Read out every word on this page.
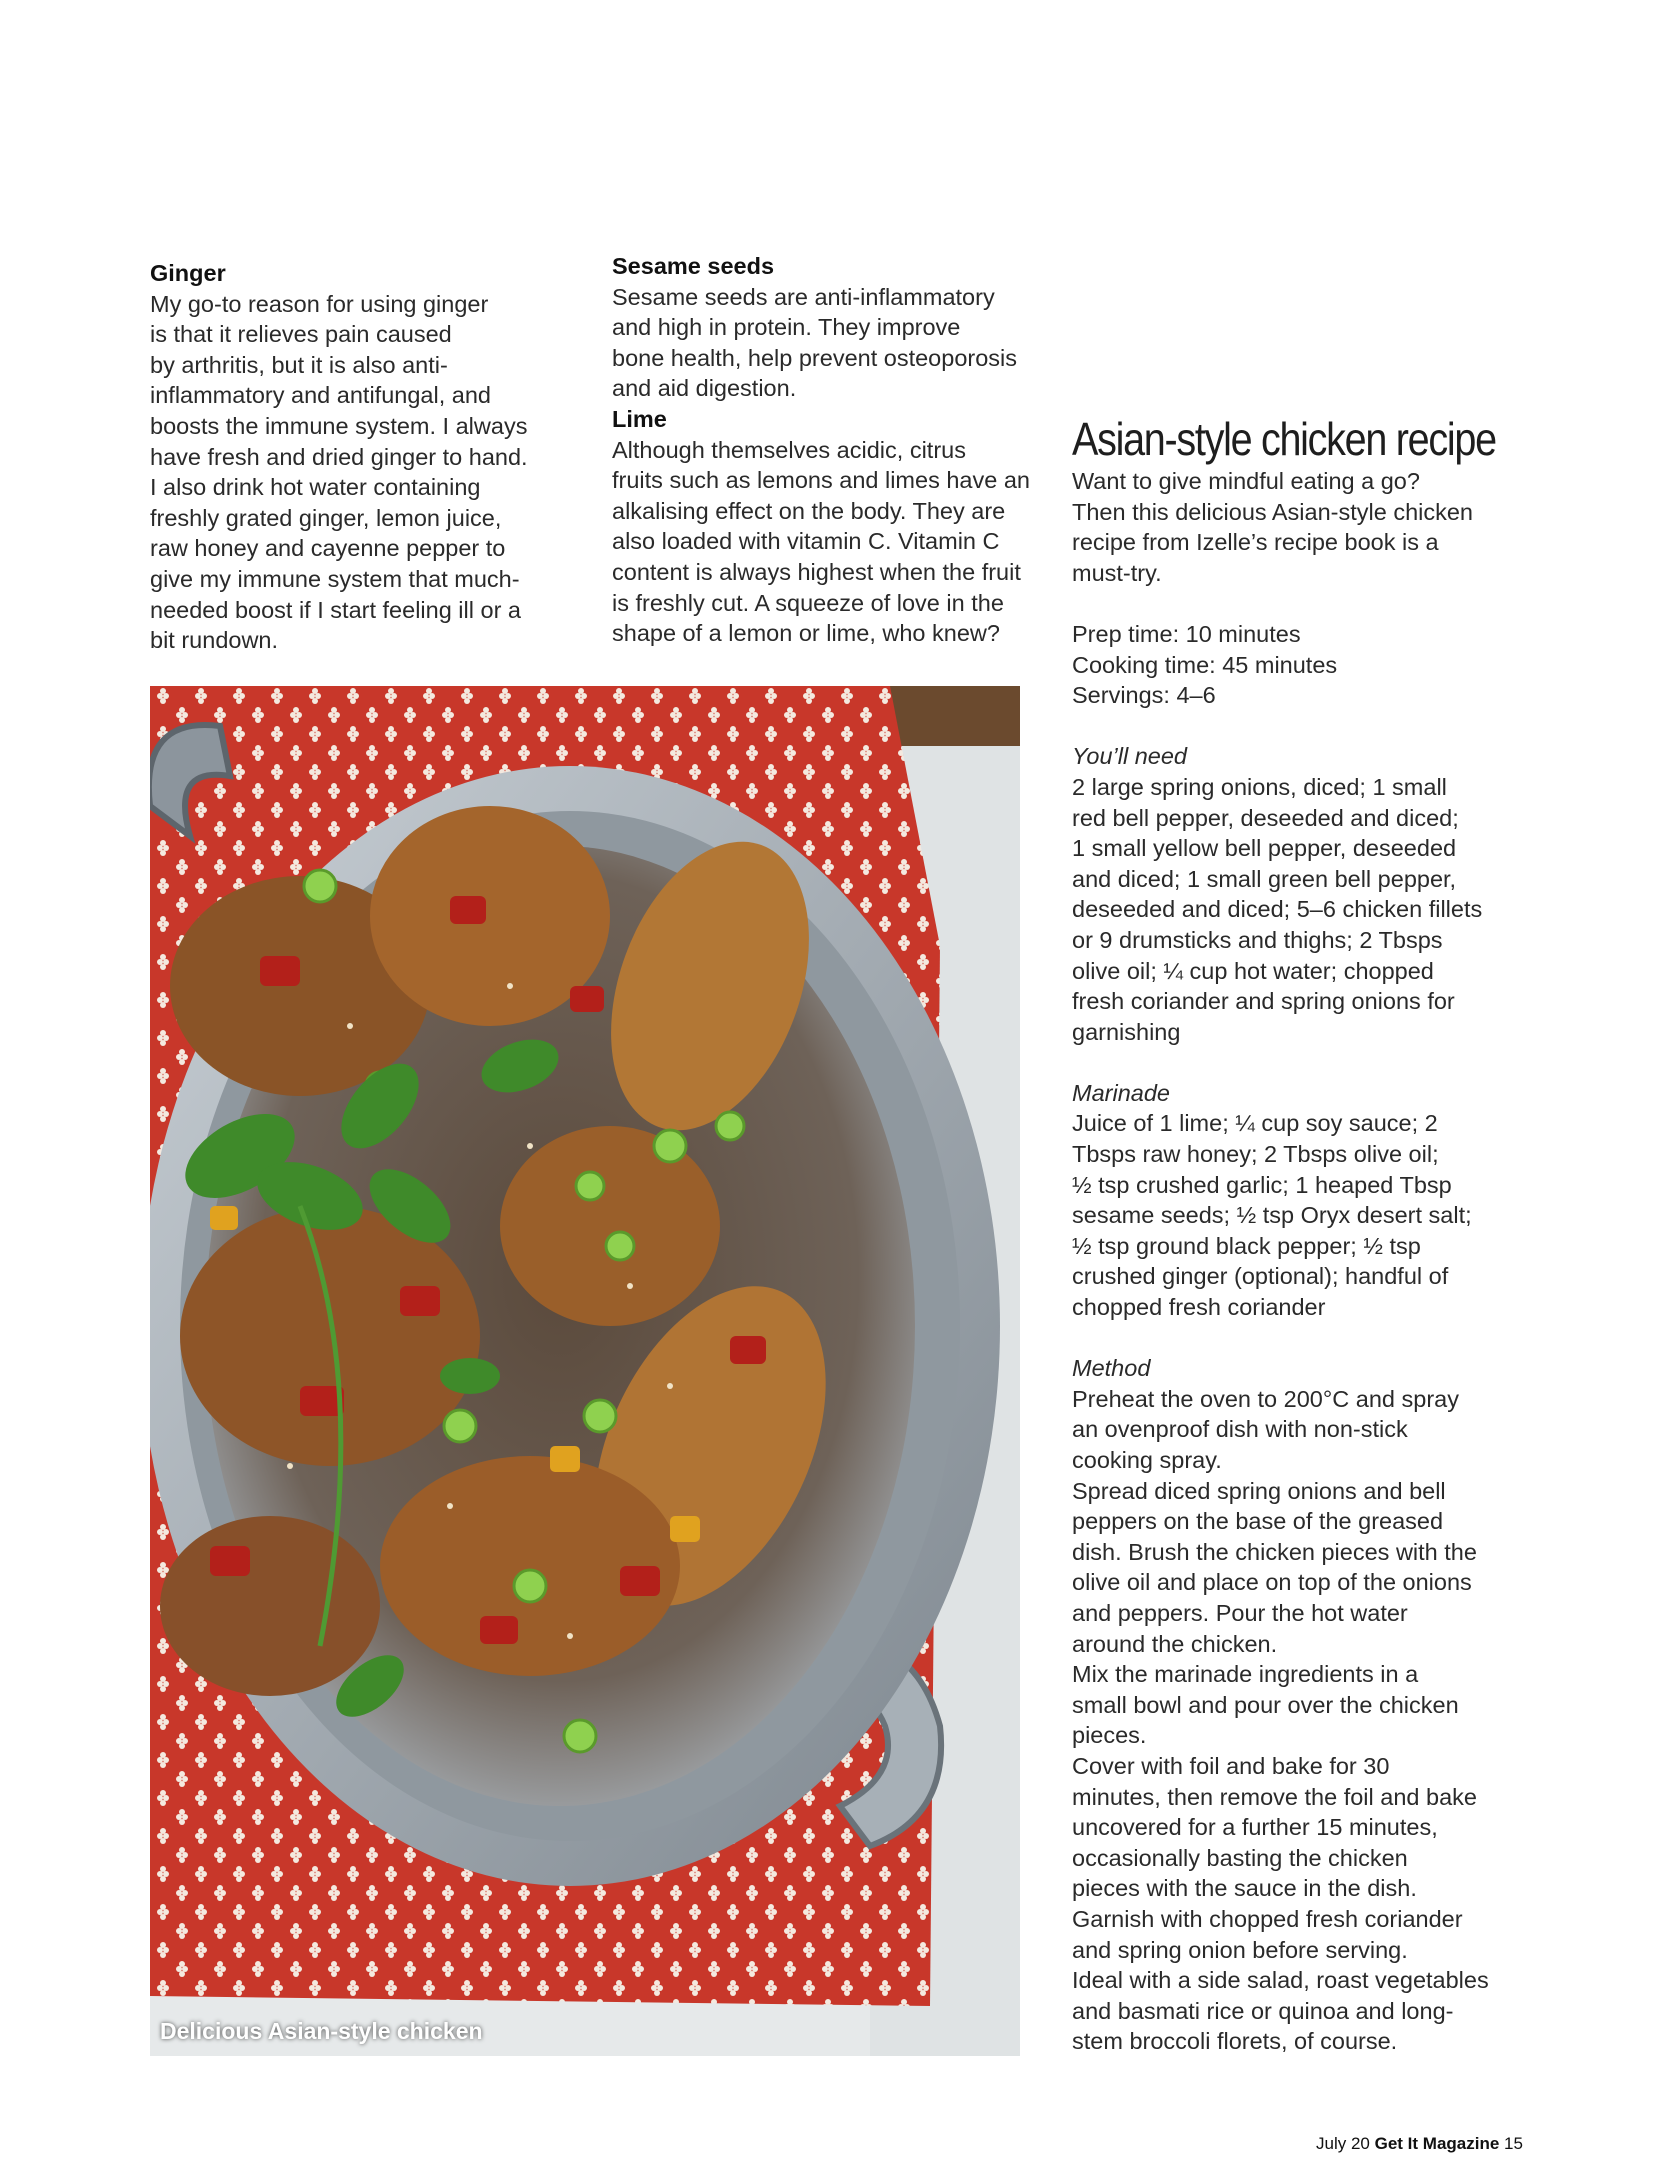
Ginger

My go-to reason for using ginger

is that it relieves pain caused

by arthritis, but it is also anti-

inflammatory and antifungal, and

boosts the immune system. I always

have fresh and dried ginger to hand.

I also drink hot water containing

freshly grated ginger, lemon juice,

raw honey and cayenne pepper to

give my immune system that much-

needed boost if I start feeling ill or a

bit rundown.

Sesame seeds

Sesame seeds are anti-inflammatory

and high in protein. They improve

bone health, help prevent osteoporosis

and aid digestion.

Lime

Although themselves acidic, citrus

fruits such as lemons and limes have an

alkalising effect on the body. They are

also loaded with vitamin C. Vitamin C

content is always highest when the fruit

is freshly cut. A squeeze of love in the

shape of a lemon or lime, who knew?

Asian-style chicken recipe

Want to give mindful eating a go?

Then this delicious Asian-style chicken

recipe from Izelle’s recipe book is a

must-try.

Prep time: 10 minutes

Cooking time: 45 minutes

Servings: 4–6

You’ll need

2 large spring onions, diced; 1 small

red bell pepper, deseeded and diced;

1 small yellow bell pepper, deseeded

and diced; 1 small green bell pepper,

deseeded and diced; 5–6 chicken fillets

or 9 drumsticks and thighs; 2 Tbsps

olive oil; ¼ cup hot water; chopped

fresh coriander and spring onions for

garnishing

Marinade

Juice of 1 lime; ¼ cup soy sauce; 2

Tbsps raw honey; 2 Tbsps olive oil;

½ tsp crushed garlic; 1 heaped Tbsp

sesame seeds; ½ tsp Oryx desert salt;

½ tsp ground black pepper; ½ tsp

crushed ginger (optional); handful of

chopped fresh coriander

Method

Preheat the oven to 200°C and spray

an ovenproof dish with non-stick

cooking spray.

Spread diced spring onions and bell

peppers on the base of the greased

dish. Brush the chicken pieces with the

olive oil and place on top of the onions

and peppers. Pour the hot water

around the chicken.

Mix the marinade ingredients in a

small bowl and pour over the chicken

pieces.

Cover with foil and bake for 30

minutes, then remove the foil and bake

uncovered for a further 15 minutes,

occasionally basting the chicken

pieces with the sauce in the dish.

Garnish with chopped fresh coriander

and spring onion before serving.

Ideal with a side salad, roast vegetables

and basmati rice or quinoa and long-

stem broccoli florets, of course.

Delicious Asian-style chicken
July 20 Get It Magazine 15
